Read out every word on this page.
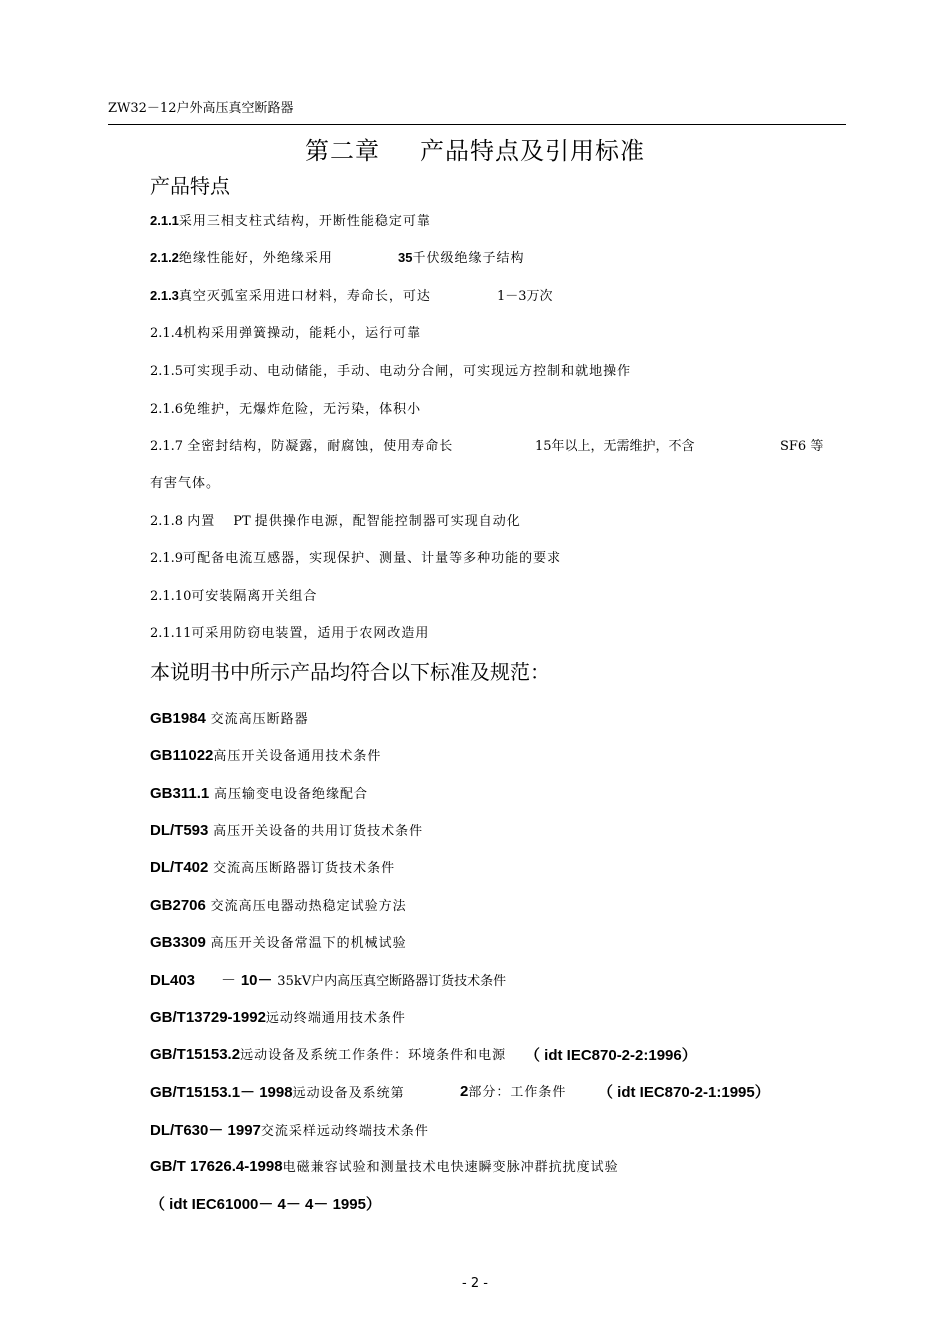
ZW32－12户外高压真空断路器
第二章 产品特点及引用标准
产品特点
2.1.1采用三相支柱式结构，开断性能稳定可靠
2.1.2绝缘性能好，外绝缘采用	35千伏级绝缘子结构
2.1.3真空灭弧室采用进口材料，寿命长，可达	1－3万次
2.1.4机构采用弹簧操动，能耗小，运行可靠
2.1.5可实现手动、电动储能，手动、电动分合闸，可实现远方控制和就地操作
2.1.6免维护，无爆炸危险，无污染，体积小
2.1.7 全密封结构，防凝露，耐腐蚀，使用寿命长	15年以上，无需维护，不含	SF6 等
有害气体。
2.1.8 内置 PT 提供操作电源，配智能控制器可实现自动化
2.1.9可配备电流互感器，实现保护、测量、计量等多种功能的要求
2.1.10可安装隔离开关组合
2.1.11可采用防窃电装置，适用于农网改造用
本说明书中所示产品均符合以下标准及规范：
GB1984 交流高压断路器
GB11022高压开关设备通用技术条件
GB311.1 高压输变电设备绝缘配合
DL/T593 高压开关设备的共用订货技术条件
DL/T402 交流高压断路器订货技术条件
GB2706 交流高压电器动热稳定试验方法
GB3309 高压开关设备常温下的机械试验
DL403 － 10－ 35kV户内高压真空断路器订货技术条件
GB/T13729-1992远动终端通用技术条件
GB/T15153.2远动设备及系统工作条件：环境条件和电源 （ idt IEC870-2-2:1996）
GB/T15153.1－ 1998远动设备及系统第	2部分：工作条件 （ idt IEC870-2-1:1995）
DL/T630－ 1997交流采样远动终端技术条件
GB/T 17626.4-1998电磁兼容试验和测量技术电快速瞬变脉冲群抗扰度试验
（ idt IEC61000－ 4－ 4－ 1995）
- 2 -
